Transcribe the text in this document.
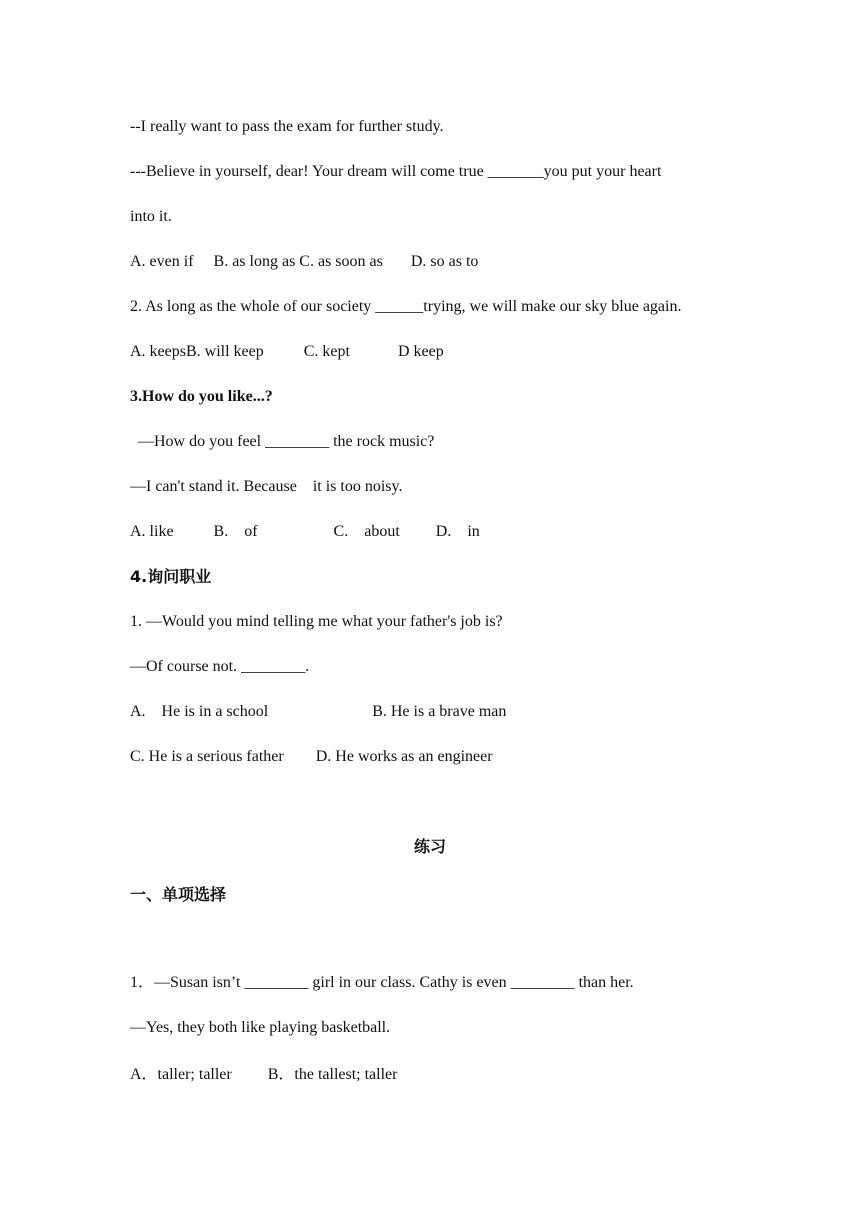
--I really want to pass the exam for further study.

---Believe in yourself, dear! Your dream will come true _______you put your heart

into it.

A. even if     B. as long as C. as soon as       D. so as to

2. As long as the whole of our society ______trying, we will make our sky blue again.

A. keepsB. will keep          C. kept            D keep

3.How do you like...?

—How do you feel ________ the rock music?

—I can't stand it. Because    it is too noisy.

A. like          B.    of                   C.    about         D.    in

4.询问职业

1. —Would you mind telling me what your father's job is?

—Of course not. ________.

A.    He is in a school                          B. He is a brave man

C. He is a serious father        D. He works as an engineer

练习

一、单项选择

1．—Susan isn’t ________ girl in our class. Cathy is even ________ than her.

—Yes, they both like playing basketball.

A．taller; taller         B．the tallest; taller
